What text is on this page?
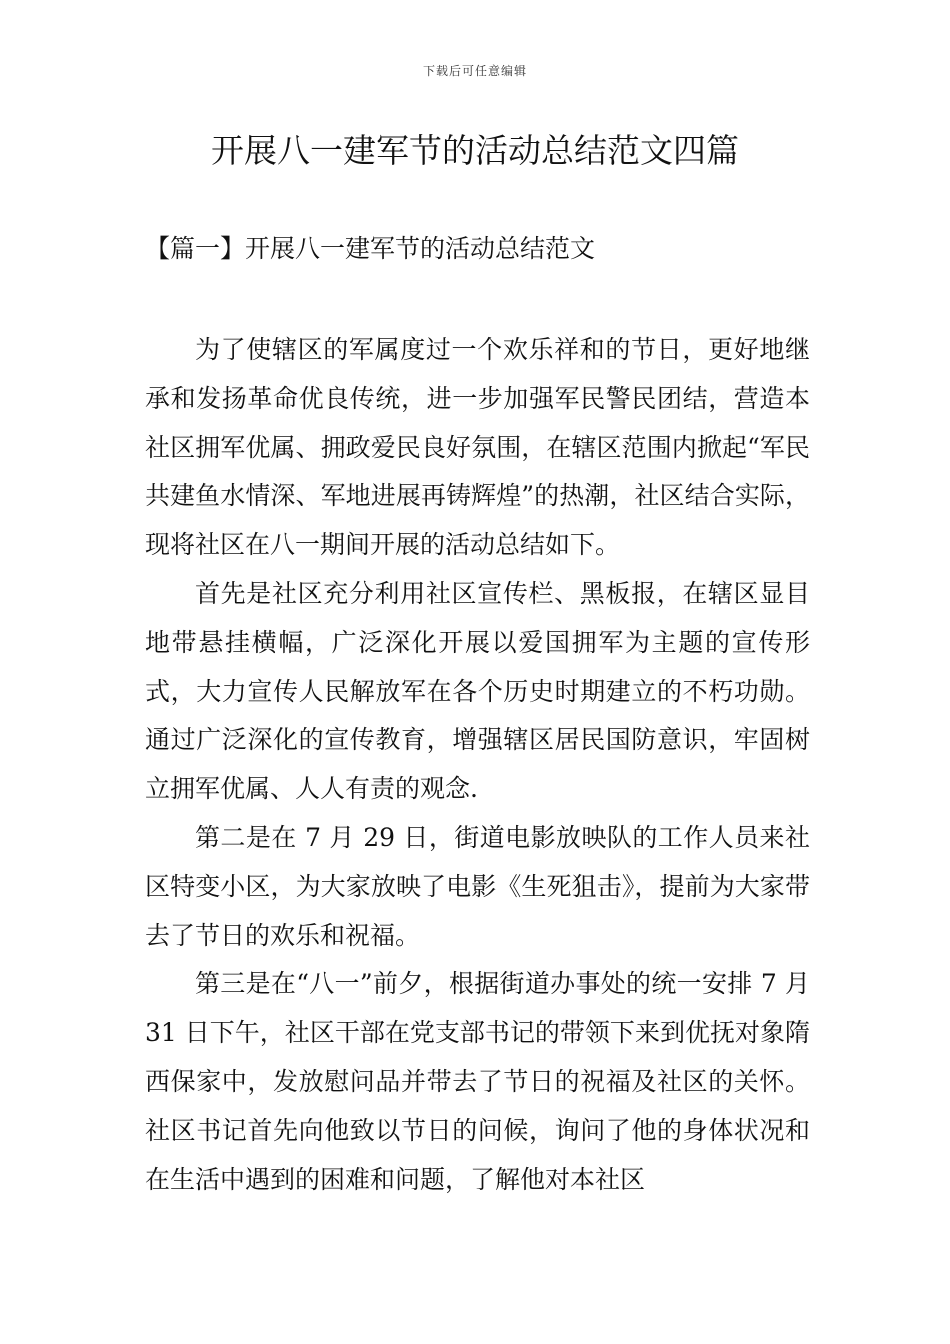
下载后可任意编辑
开展八一建军节的活动总结范文四篇
【篇一】开展八一建军节的活动总结范文

为了使辖区的军属度过一个欢乐祥和的节日，更好地继承和发扬革命优良传统，进一步加强军民警民团结，营造本社区拥军优属、拥政爱民良好氛围，在辖区范围内掀起“军民共建鱼水情深、军地进展再铸辉煌”的热潮，社区结合实际，现将社区在八一期间开展的活动总结如下。

首先是社区充分利用社区宣传栏、黑板报，在辖区显目地带悬挂横幅，广泛深化开展以爱国拥军为主题的宣传形式，大力宣传人民解放军在各个历史时期建立的不朽功勋。通过广泛深化的宣传教育，增强辖区居民国防意识，牢固树立拥军优属、人人有责的观念.

第二是在 7 月 29 日，街道电影放映队的工作人员来社区特变小区，为大家放映了电影《生死狙击》，提前为大家带去了节日的欢乐和祝福。

第三是在“八一”前夕，根据街道办事处的统一安排 7 月 31 日下午，社区干部在党支部书记的带领下来到优抚对象隋西保家中，发放慰问品并带去了节日的祝福及社区的关怀。社区书记首先向他致以节日的问候，询问了他的身体状况和在生活中遇到的困难和问题，了解他对本社区
